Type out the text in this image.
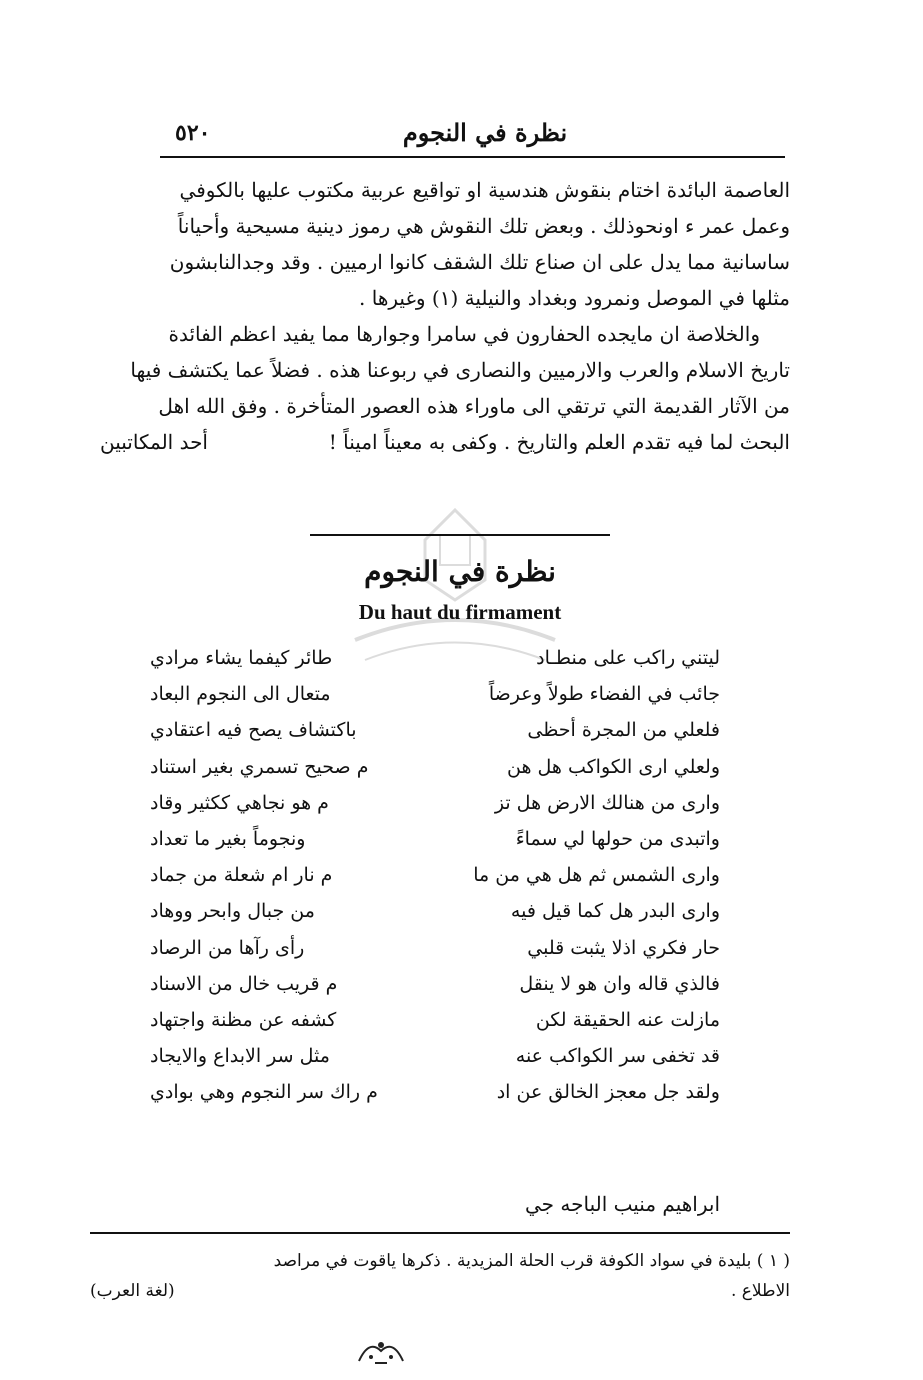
٥٢٠	نظرة في النجوم

العاصمة البائدة اختام بنقوش هندسية او تواقيع عربية مكتوب عليها بالكوفي

وعمل عمر ء اونحوذلك . وبعض تلك النقوش هي رموز دينية مسيحية وأحياناً

ساسانية مما يدل على ان صناع تلك الشقف كانوا ارميين . وقد وجدالنابشون

مثلها في الموصل ونمرود وبغداد والنيلية (١) وغيرها .

والخلاصة ان مايجده الحفارون في سامرا وجوارها مما يفيد اعظم الفائدة

تاريخ الاسلام والعرب والارميين والنصارى في ربوعنا هذه . فضلاً عما يكتشف فيها

من الآثار القديمة التي ترتقي الى ماوراء هذه العصور المتأخرة . وفق الله اهل

البحث لما فيه تقدم العلم والتاريخ . وكفى به معيناً اميناً !
أحد المكاتبين
نظرة في النجوم
Du haut du firmament
ليتني راكب على منطـاد
طائر كيفما يشاء مرادي
جائب في الفضاء طولاً وعرضاً
متعال الى النجوم البعاد
فلعلي من المجرة أحظى
باكتشاف يصح فيه اعتقادي
ولعلي ارى الكواكب هل هن
م صحيح تسمري بغير استناد
وارى من هنالك الارض هل تز
م هو نجاهي ككثير وقاد
واتبدى من حولها لي سماءً
ونجوماً بغير ما تعداد
وارى الشمس ثم هل هي من ما
م نار ام شعلة من جماد
وارى البدر هل كما قيل فيه
من جبال وابحر ووهاد
حار فكري اذلا يثبت قلبي
رأى رآها من الرصاد
فالذي قاله وان هو لا ينقل
م قريب خال من الاسناد
مازلت عنه الحقيقة لكن
كشفه عن مظنة واجتهاد
قد تخفى سر الكواكب عنه
مثل سر الابداع والايجاد
ولقد جل معجز الخالق عن اد
م راك سر النجوم وهي بوادي
ابراهيم منيب الباجه جي
( ١ ) بليدة في سواد الكوفة قرب الحلة المزيدية . ذكرها ياقوت في مراصد
الاطلاع .
(لغة العرب)
